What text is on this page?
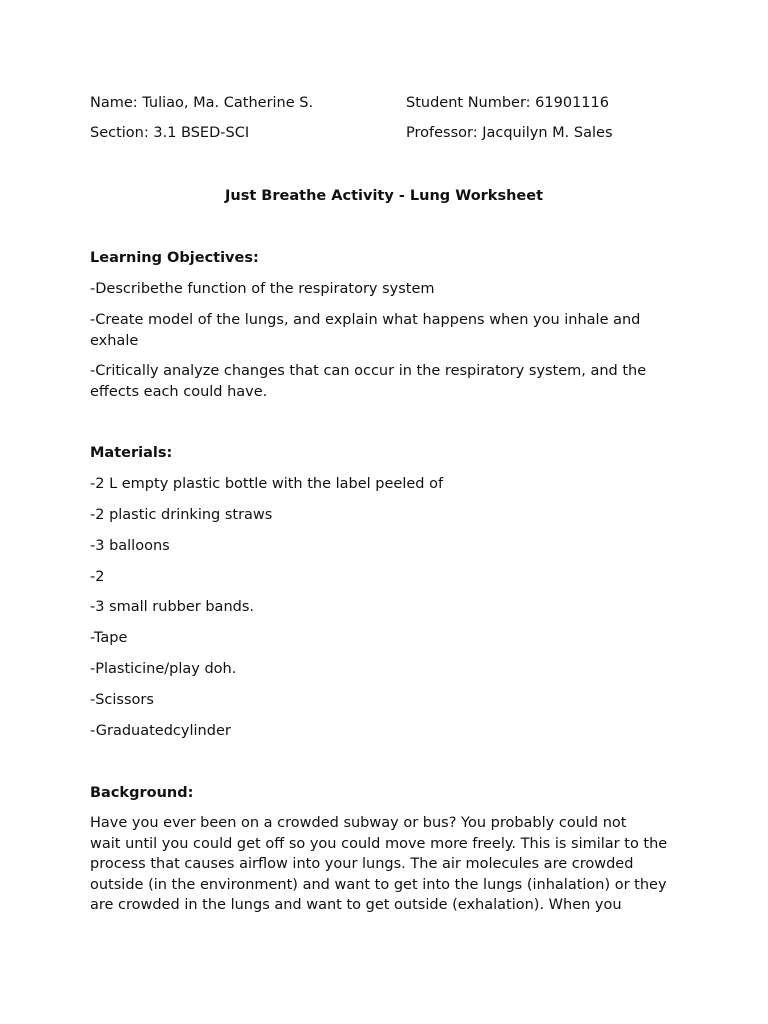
Name: Tuliao, Ma. Catherine S.	Student Number: 61901116
Section: 3.1 BSED-SCI	Professor: Jacquilyn M. Sales
Just Breathe Activity - Lung Worksheet
Learning Objectives:
-Describethe function of the respiratory system
-Create model of the lungs, and explain what happens when you inhale and exhale
-Critically analyze changes that can occur in the respiratory system, and the effects each could have.
Materials:
-2 L empty plastic bottle with the label peeled of
-2 plastic drinking straws
-3 balloons
-2
-3 small rubber bands.
-Tape
-Plasticine/play doh.
-Scissors
-Graduatedcylinder
Background:
Have you ever been on a crowded subway or bus? You probably could not
wait until you could get off so you could move more freely. This is similar to the
process that causes airflow into your lungs. The air molecules are crowded
outside (in the environment) and want to get into the lungs (inhalation) or they
are crowded in the lungs and want to get outside (exhalation). When you
